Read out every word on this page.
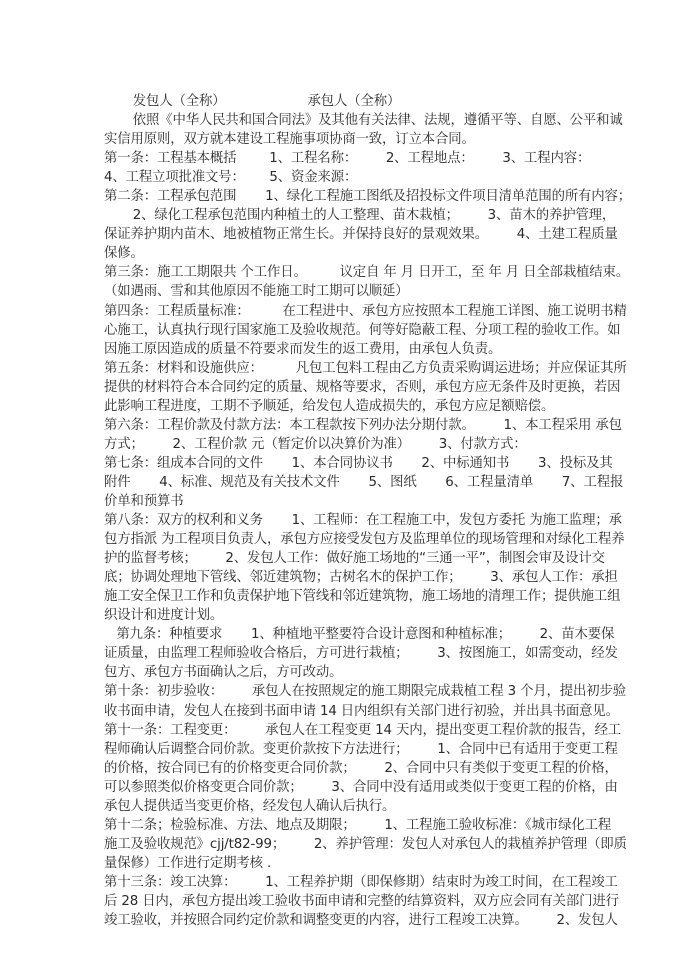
发包人（全称）                    承包人（全称）
依照《中华人民共和国合同法》及其他有关法律、法规，遵循平等、自愿、公平和诚
实信用原则，双方就本建设工程施事项协商一致，订立本合同。
第一条：工程基本概括        1、工程名称：       2、工程地点：       3、工程内容：
4、工程立项批准文号：      5、资金来源：
第二条：工程承包范围       1、绿化工程施工图纸及招投标文件项目清单范围的所有内容；
2、绿化工程承包范围内种植土的人工整理、苗木栽植；       3、苗木的养护管理，
保证养护期内苗木、地被植物正常生长。并保持良好的景观效果。       4、土建工程质量
保修。
第三条：施工工期限共 个工作日。        议定自 年 月 日开工，至 年 月 日全部栽植结束。
（如遇雨、雪和其他原因不能施工时工期可以顺延）
第四条：工程质量标准：        在工程进中、承包方应按照本工程施工详图、施工说明书精
心施工，认真执行现行国家施工及验收规范。何等好隐蔽工程、分项工程的验收工作。如
因施工原因造成的质量不符要求而发生的返工费用，由承包人负责。
第五条：材料和设施供应：        凡包工包料工程由乙方负责采购调运进场；并应保证其所
提供的材料符合本合同约定的质量、规格等要求，否则，承包方应无条件及时更换，若因
此影响工程进度，工期不予顺延，给发包人造成损失的，承包方应足额赔偿。
第六条：工程价款及付款方法：本工程款按下列办法分期付款。       1、本工程采用 承包
方式；       2、工程价款 元（暂定价以决算价为准）       3、付款方式：
第七条：组成本合同的文件       1、本合同协议书       2、中标通知书       3、投标及其
附件       4、标准、规范及有关技术文件       5、图纸       6、工程量清单       7、工程报
价单和预算书
第八条：双方的权利和义务       1、工程师：在工程施工中，发包方委托 为施工监理；承
包方指派 为工程项目负责人，承包方应接受发包方及监理单位的现场管理和对绿化工程养
护的监督考核；       2、发包人工作：做好施工场地的“三通一平”，制图会审及设计交
底；协调处理地下管线、邻近建筑物；古树名木的保护工作；       3、承包人工作：承担
施工安全保卫工作和负责保护地下管线和邻近建筑物，施工场地的清理工作；提供施工组
织设计和进度计划。
第九条：种植要求       1、种植地平整要符合设计意图和种植标准；       2、苗木要保
证质量，由监理工程师验收合格后，方可进行栽植；       3、按图施工，如需变动，经发
包方、承包方书面确认之后，方可改动。
第十条：初步验收：       承包人在按照规定的施工期限完成栽植工程 3 个月，提出初步验
收书面申请，发包人在接到书面申请 14 日内组织有关部门进行初验，并出具书面意见。
第十一条：工程变更：       承包人在工程变更 14 天内，提出变更工程价款的报告，经工
程师确认后调整合同价款。变更价款按下方法进行；       1、合同中已有适用于变更工程
的价格，按合同已有的价格变更合同价款；       2、合同中只有类似于变更工程的价格，
可以参照类似价格变更合同价款；       3、合同中没有适用或类似于变更工程的价格，由
承包人提供适当变更价格，经发包人确认后执行。
第十二条；检验标准、方法、地点及期限；       1、工程施工验收标准：《城市绿化工程
施工及验收规范》cjj/t82-99；       2、养护管理：发包人对承包人的栽植养护管理（即质
量保修）工作进行定期考核 .
第十三条：竣工决算：       1、工程养护期（即保修期）结束时为竣工时间，在工程竣工
后 28 日内，承包方提出竣工验收书面申请和完整的结算资料，双方应会同有关部门进行
竣工验收，并按照合同约定价款和调整变更的内容，进行工程竣工决算。       2、发包人
